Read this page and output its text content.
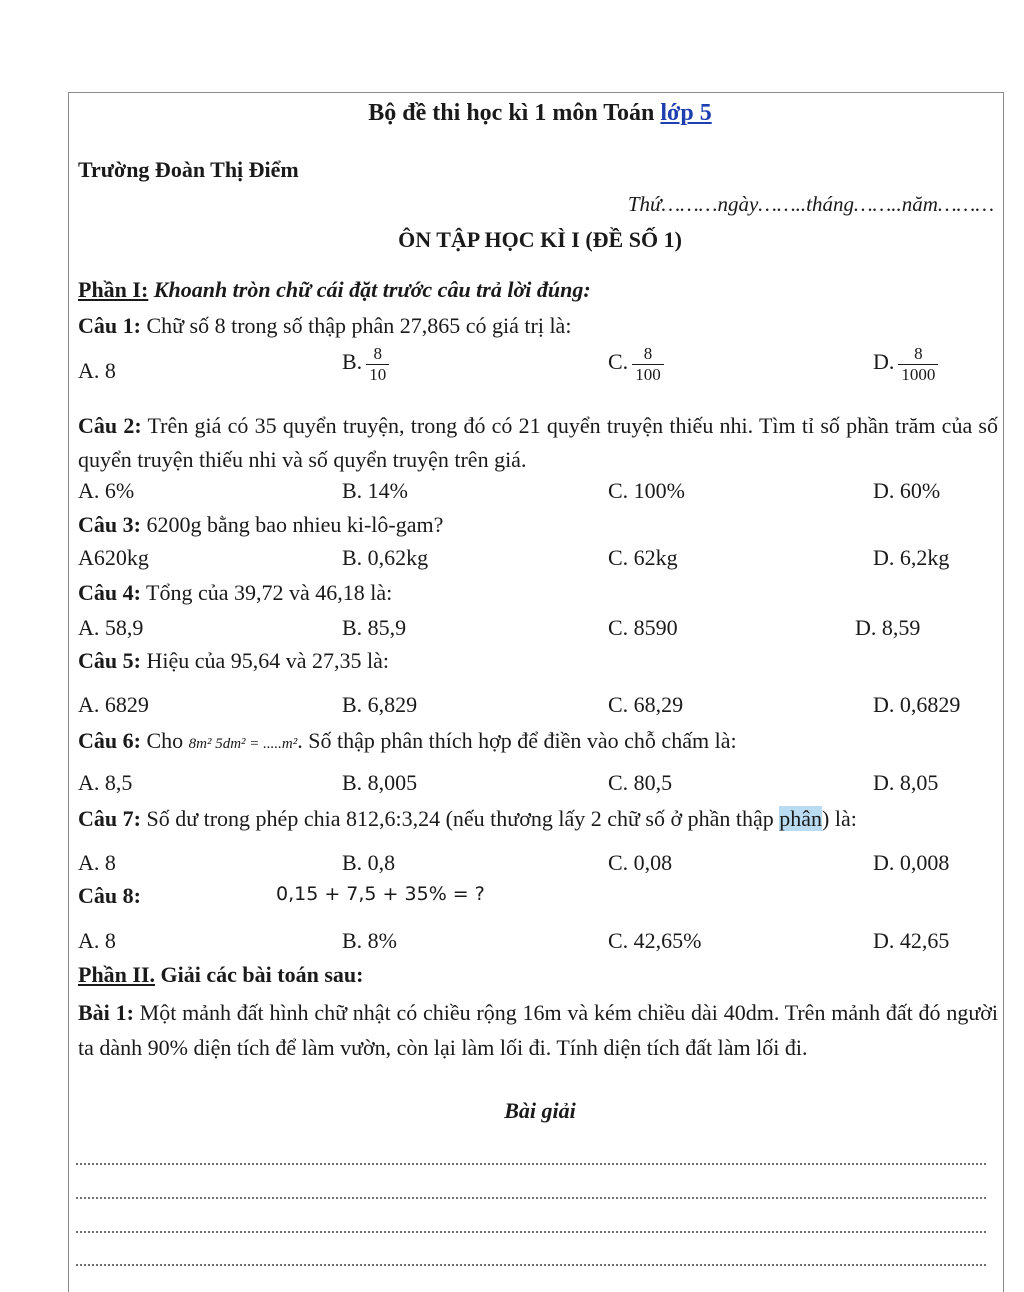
Bộ đề thi học kì 1 môn Toán lớp 5
Trường Đoàn Thị Điểm
Thứ………ngày……..tháng……..năm………
ÔN TẬP HỌC KÌ I (ĐỀ SỐ 1)
Phần I: Khoanh tròn chữ cái đặt trước câu trả lời đúng:
Câu 1: Chữ số 8 trong số thập phân 27,865 có giá trị là:
A. 8	B. $\frac{8}{10}$	C. $\frac{8}{100}$	D. $\frac{8}{1000}$
Câu 2: Trên giá có 35 quyển truyện, trong đó có 21 quyển truyện thiếu nhi. Tìm tỉ số phần trăm của số quyển truyện thiếu nhi và số quyển truyện trên giá.
A. 6%	B. 14%	C. 100%	D. 60%
Câu 3: 6200g bằng bao nhieu ki-lô-gam?
A620kg	B. 0,62kg	C. 62kg	D. 6,2kg
Câu 4: Tổng của 39,72 và 46,18 là:
A. 58,9	B. 85,9	C. 8590	D. 8,59
Câu 5: Hiệu của 95,64 và 27,35 là:
A. 6829	B. 6,829	C. 68,29	D. 0,6829
Câu 6: Cho 8m² 5dm² = .....m². Số thập phân thích hợp để điền vào chỗ chấm là:
A. 8,5	B. 8,005	C. 80,5	D. 8,05
Câu 7: Số dư trong phép chia 812,6:3,24 (nếu thương lấy 2 chữ số ở phần thập phân) là:
A. 8	B. 0,8	C. 0,08	D. 0,008
Câu 8:	0,15 + 7,5 + 35% = ?
A. 8	B. 8%	C. 42,65%	D. 42,65
Phần II. Giải các bài toán sau:
Bài 1: Một mảnh đất hình chữ nhật có chiều rộng 16m và kém chiều dài 40dm. Trên mảnh đất đó người ta dành 90% diện tích để làm vườn, còn lại làm lối đi. Tính diện tích đất làm lối đi.
Bài giải
